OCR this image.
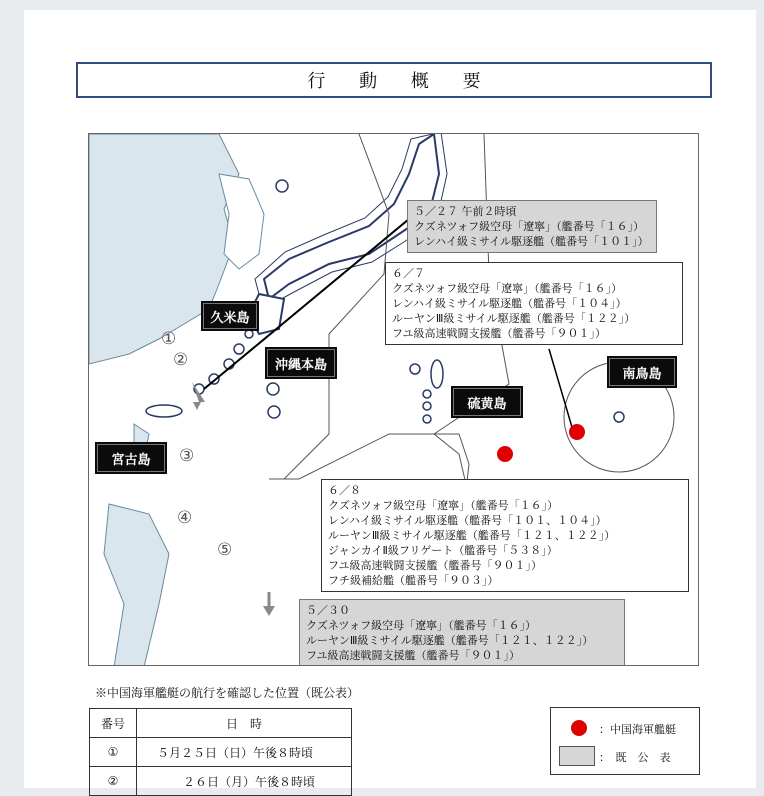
行 動 概 要
①
②
③
④
⑤
久米島
沖縄本島
宮古島
硫黄島
南鳥島
５／２７ 午前２時頃
クズネツォフ級空母「遼寧」（艦番号「１６」）
レンハイ級ミサイル駆逐艦（艦番号「１０１」）
６／７
クズネツォフ級空母「遼寧」（艦番号「１６」）
レンハイ級ミサイル駆逐艦（艦番号「１０４」）
ルーヤンⅢ級ミサイル駆逐艦（艦番号「１２２」）
フユ級高速戦闘支援艦（艦番号「９０１」）
６／８
クズネツォフ級空母「遼寧」（艦番号「１６」）
レンハイ級ミサイル駆逐艦（艦番号「１０１、１０４」）
ルーヤンⅢ級ミサイル駆逐艦（艦番号「１２１、１２２」）
ジャンカイⅡ級フリゲート（艦番号「５３８」）
フユ級高速戦闘支援艦（艦番号「９０１」）
フチ級補給艦（艦番号「９０３」）
５／３０
クズネツォフ級空母「遼寧」（艦番号「１６」）
ルーヤンⅢ級ミサイル駆逐艦（艦番号「１２１、１２２」）
フユ級高速戦闘支援艦（艦番号「９０１」）
※中国海軍艦艇の航行を確認した位置（既公表）
番号	日　時
①	５月２５日（日）午後８時頃
②	２６日（月）午後８時頃
：中国海軍艦艇
：　既　公　表
